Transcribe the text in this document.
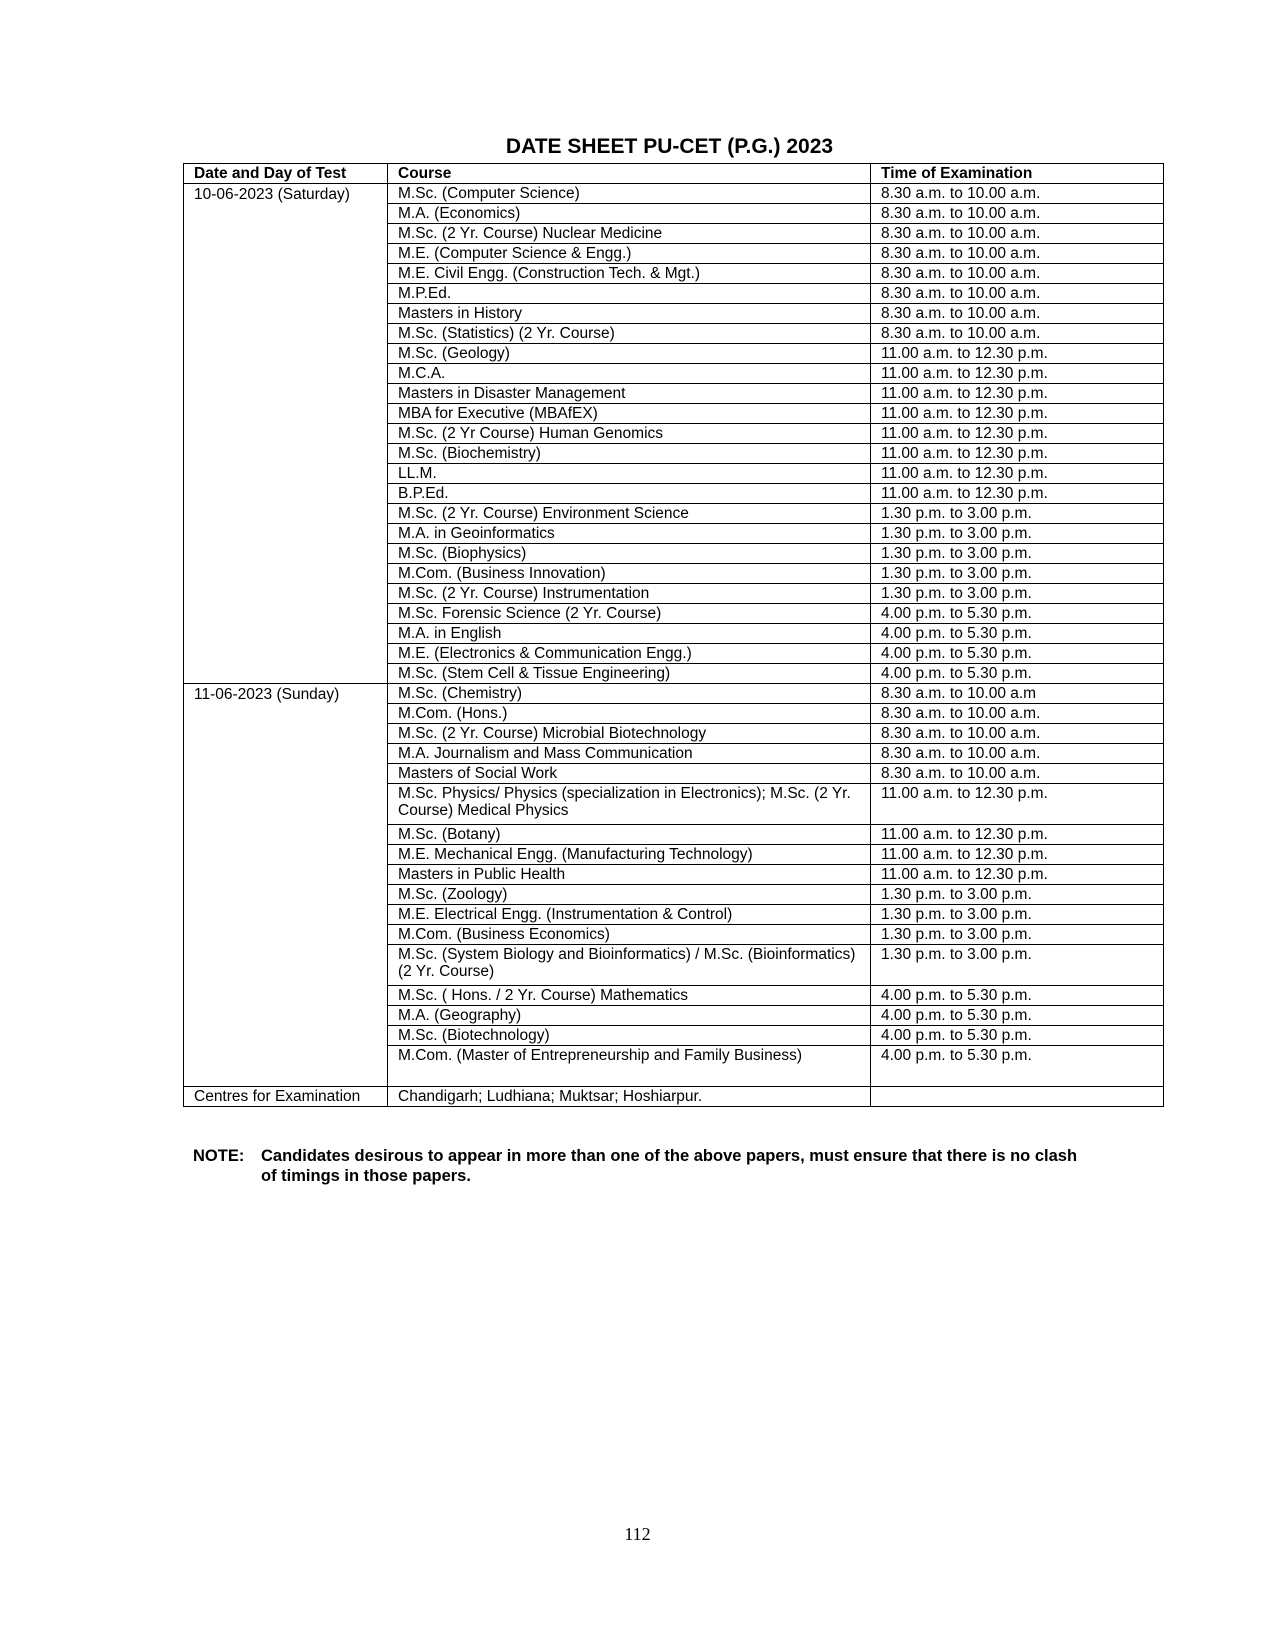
DATE SHEET PU-CET (P.G.) 2023
Date and Day of Test	Course	Time of Examination
10-06-2023 (Saturday)	M.Sc. (Computer Science)	8.30 a.m. to 10.00 a.m.
	M.A. (Economics)	8.30 a.m. to 10.00 a.m.
	M.Sc. (2 Yr. Course) Nuclear Medicine	8.30 a.m. to 10.00 a.m.
	M.E. (Computer Science & Engg.)	8.30 a.m. to 10.00 a.m.
	M.E. Civil Engg. (Construction Tech. & Mgt.)	8.30 a.m. to 10.00 a.m.
	M.P.Ed.	8.30 a.m. to 10.00 a.m.
	Masters in History	8.30 a.m. to 10.00 a.m.
	M.Sc. (Statistics) (2 Yr. Course)	8.30 a.m. to 10.00 a.m.
	M.Sc. (Geology)	11.00 a.m. to 12.30 p.m.
	M.C.A.	11.00 a.m. to 12.30 p.m.
	Masters in Disaster Management	11.00 a.m. to 12.30 p.m.
	MBA for Executive (MBAfEX)	11.00 a.m. to 12.30 p.m.
	M.Sc. (2 Yr Course) Human Genomics	11.00 a.m. to 12.30 p.m.
	M.Sc. (Biochemistry)	11.00 a.m. to 12.30 p.m.
	LL.M.	11.00 a.m. to 12.30 p.m.
	B.P.Ed.	11.00 a.m. to 12.30 p.m.
	M.Sc. (2 Yr. Course) Environment Science	1.30 p.m. to 3.00 p.m.
	M.A. in Geoinformatics	1.30 p.m. to 3.00 p.m.
	M.Sc. (Biophysics)	1.30 p.m. to 3.00 p.m.
	M.Com. (Business Innovation)	1.30 p.m. to 3.00 p.m.
	M.Sc. (2 Yr. Course) Instrumentation	1.30 p.m. to 3.00 p.m.
	M.Sc. Forensic Science (2 Yr. Course)	4.00 p.m. to 5.30 p.m.
	M.A. in English	4.00 p.m. to 5.30 p.m.
	M.E. (Electronics & Communication Engg.)	4.00 p.m. to 5.30 p.m.
	M.Sc. (Stem Cell & Tissue Engineering)	4.00 p.m. to 5.30 p.m.
11-06-2023 (Sunday)	M.Sc. (Chemistry)	8.30 a.m. to 10.00 a.m
	M.Com. (Hons.)	8.30 a.m. to 10.00 a.m.
	M.Sc. (2 Yr. Course) Microbial Biotechnology	8.30 a.m. to 10.00 a.m.
	M.A. Journalism and Mass Communication	8.30 a.m. to 10.00 a.m.
	Masters of Social Work	8.30 a.m. to 10.00 a.m.
	M.Sc. Physics/ Physics (specialization in Electronics); M.Sc. (2 Yr. Course) Medical Physics	11.00 a.m. to 12.30 p.m.
	M.Sc. (Botany)	11.00 a.m. to 12.30 p.m.
	M.E. Mechanical Engg. (Manufacturing Technology)	11.00 a.m. to 12.30 p.m.
	Masters in Public Health	11.00 a.m. to 12.30 p.m.
	M.Sc. (Zoology)	1.30 p.m. to 3.00 p.m.
	M.E. Electrical Engg. (Instrumentation & Control)	1.30 p.m. to 3.00 p.m.
	M.Com. (Business Economics)	1.30 p.m. to 3.00 p.m.
	M.Sc. (System Biology and Bioinformatics) / M.Sc. (Bioinformatics) (2 Yr. Course)	1.30 p.m. to 3.00 p.m.
	M.Sc. ( Hons. / 2 Yr. Course) Mathematics	4.00 p.m. to 5.30 p.m.
	M.A. (Geography)	4.00 p.m. to 5.30 p.m.
	M.Sc. (Biotechnology)	4.00 p.m. to 5.30 p.m.
	M.Com. (Master of Entrepreneurship and Family Business)	4.00 p.m. to 5.30 p.m.
Centres for Examination	Chandigarh; Ludhiana; Muktsar; Hoshiarpur.	
NOTE:	Candidates desirous to appear in more than one of the above papers, must ensure that there is no clash of timings in those papers.
112
